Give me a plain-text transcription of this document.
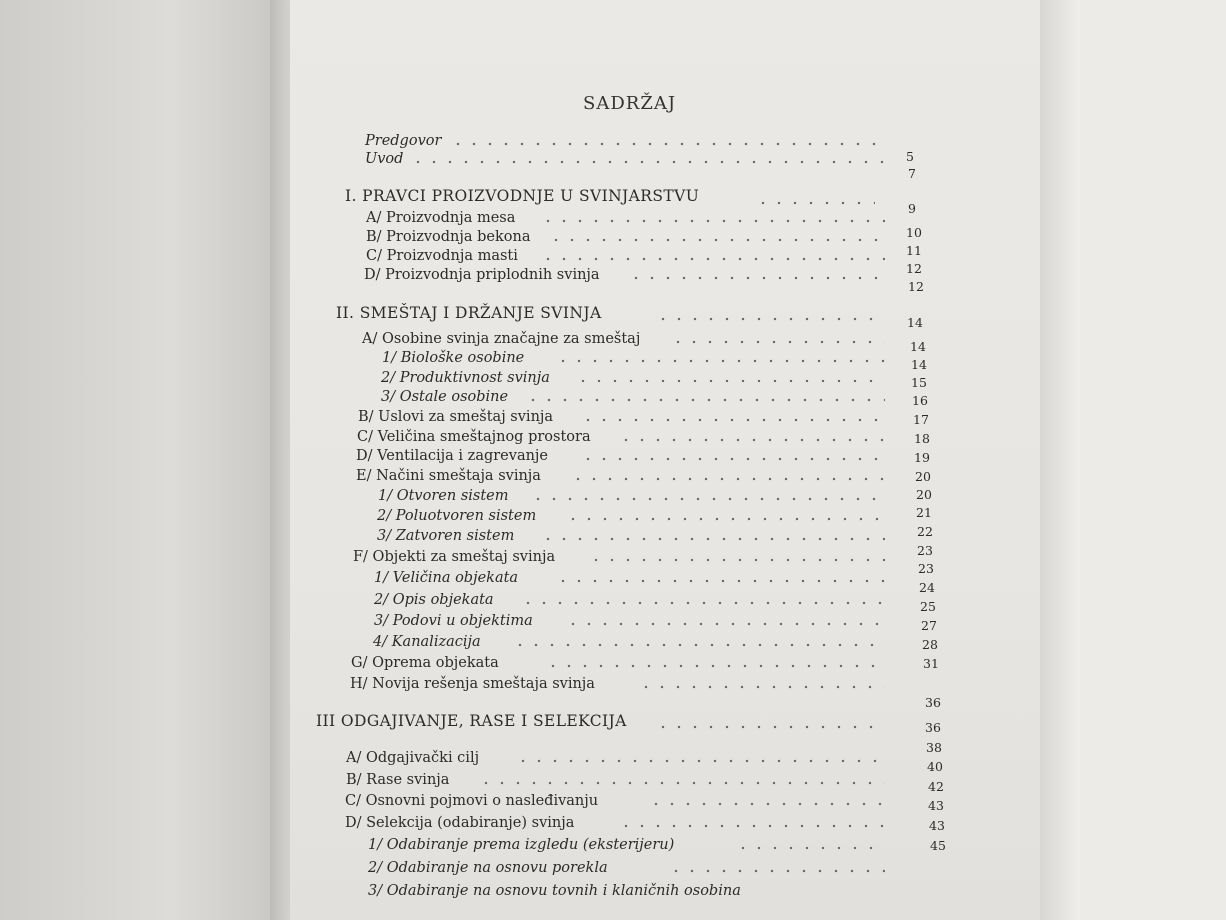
SADRŽAJ
Predgovor
Uvod
I. PRAVCI PROIZVODNJE U SVINJARSTVU
A/ Proizvodnja mesa
B/ Proizvodnja bekona
C/ Proizvodnja masti
D/ Proizvodnja priplodnih svinja
II. SMEŠTAJ I DRŽANJE SVINJA
A/ Osobine svinja značajne za smeštaj
1/ Biološke osobine
2/ Produktivnost svinja
3/ Ostale osobine
B/ Uslovi za smeštaj svinja
C/ Veličina smeštajnog prostora
D/ Ventilacija i zagrevanje
E/ Načini smeštaja svinja
1/ Otvoren sistem
2/ Poluotvoren sistem
3/ Zatvoren sistem
F/ Objekti za smeštaj svinja
1/ Veličina objekata
2/ Opis objekata
3/ Podovi u objektima
4/ Kanalizacija
G/ Oprema objekata
H/ Novija rešenja smeštaja svinja
III ODGAJIVANJE, RASE I SELEKCIJA
A/ Odgajivački cilj
B/ Rase svinja
C/ Osnovni pojmovi o nasleđivanju
D/ Selekcija (odabiranje) svinja
1/ Odabiranje prema izgledu (eksterijeru)
2/ Odabiranje na osnovu porekla
3/ Odabiranje na osnovu tovnih i klaničnih osobina
5
7
9
10
11
12
12
14
14
14
15
16
17
18
19
20
20
21
22
23
23
24
25
27
28
31
36
36
38
40
42
43
43
45
